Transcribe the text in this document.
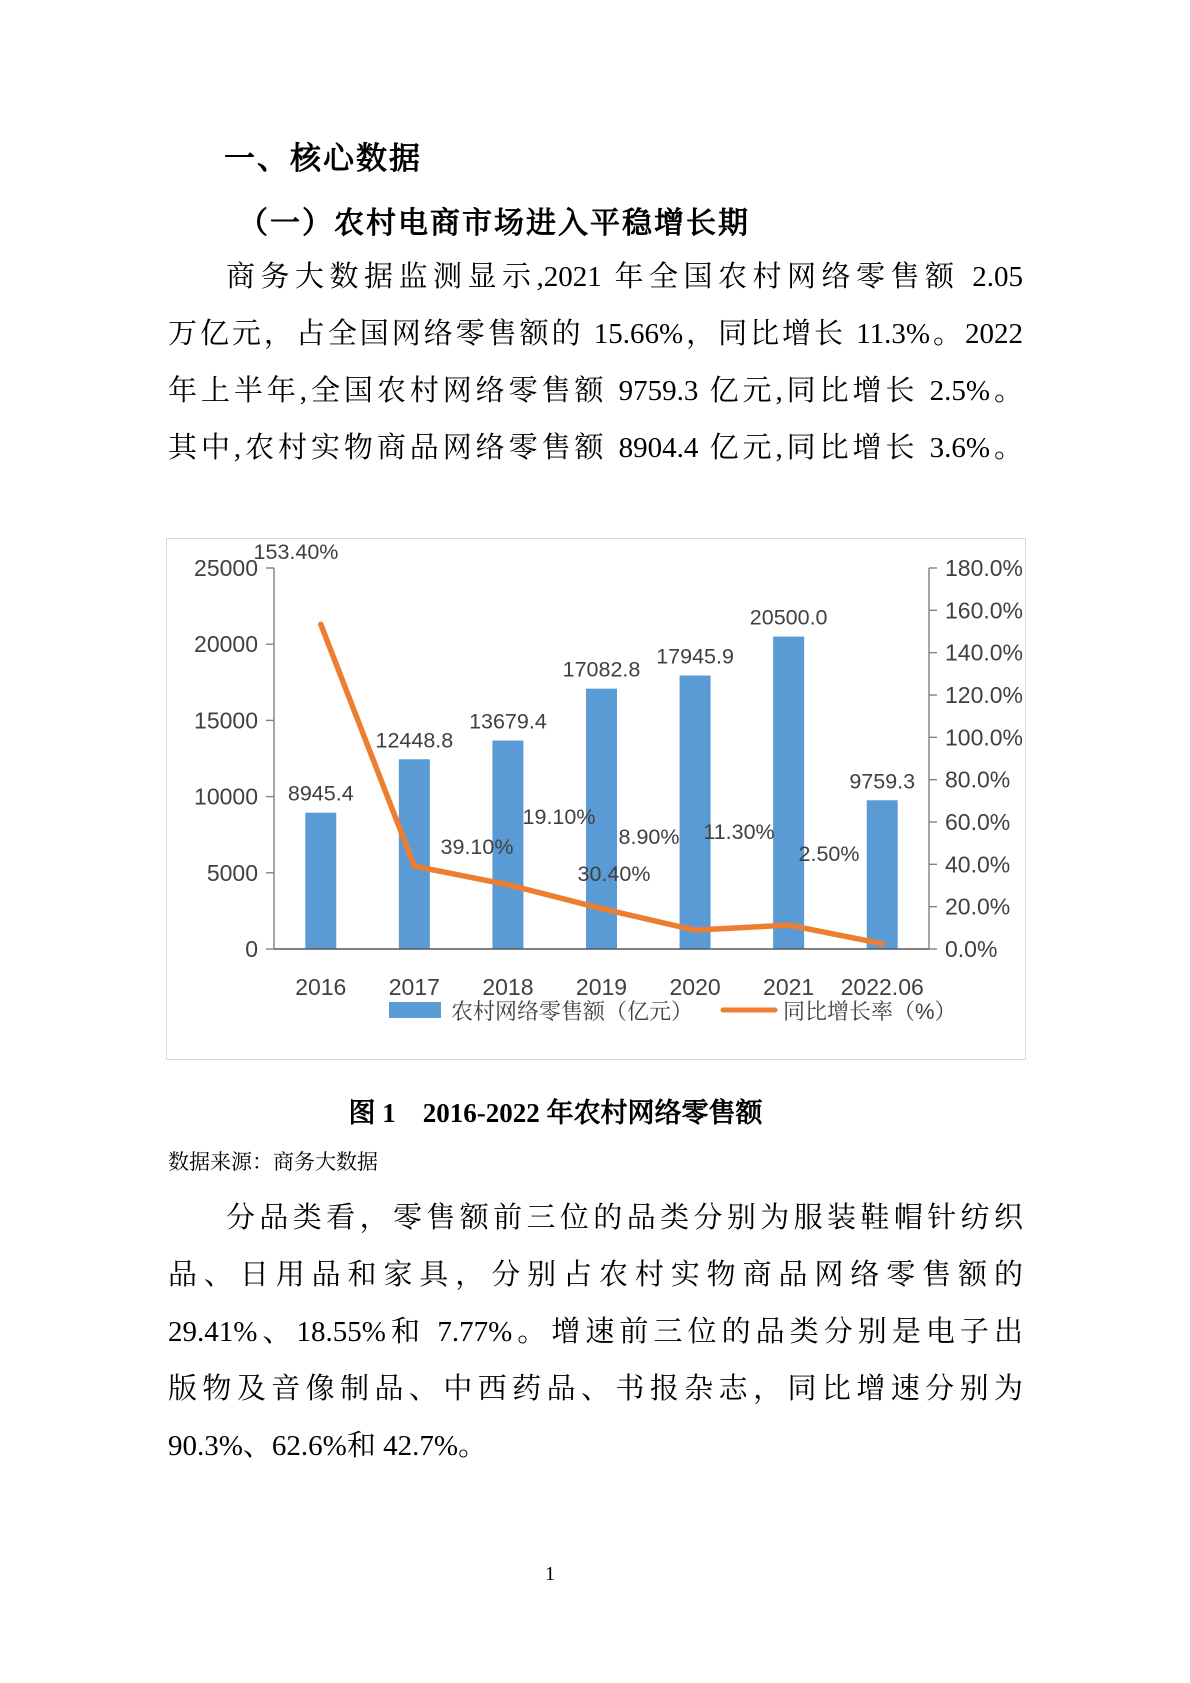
一、核心数据
（一）农村电商市场进入平稳增长期
商务大数据监测显示,2021 年全国农村网络零售额 2.05
万亿元，占全国网络零售额的 15.66%，同比增长 11.3%。2022
年上半年,全国农村网络零售额 9759.3 亿元,同比增长 2.5%。
其中,农村实物商品网络零售额 8904.4 亿元,同比增长 3.6%。
8945.4
12448.8
13679.4
17082.8
17945.9
20500.0
9759.3
153.40%
39.10%
30.40%
19.10%
8.90% 11.30%
2.50%
0
5000
10000
15000
20000
25000
0.0%
20.0%
40.0%
60.0%
80.0%
100.0%
120.0%
140.0%
160.0%
180.0%
2016 2017 2018 2019 2020 2021 2022.06
农村网络零售额（亿元）	同比增长率（%）
图 1　2016-2022 年农村网络零售额
数据来源：商务大数据
分品类看，零售额前三位的品类分别为服装鞋帽针纺织
品、日用品和家具，分别占农村实物商品网络零售额的
29.41%、18.55%和 7.77%。增速前三位的品类分别是电子出
版物及音像制品、中西药品、书报杂志，同比增速分别为
90.3%、62.6%和 42.7%。
1
